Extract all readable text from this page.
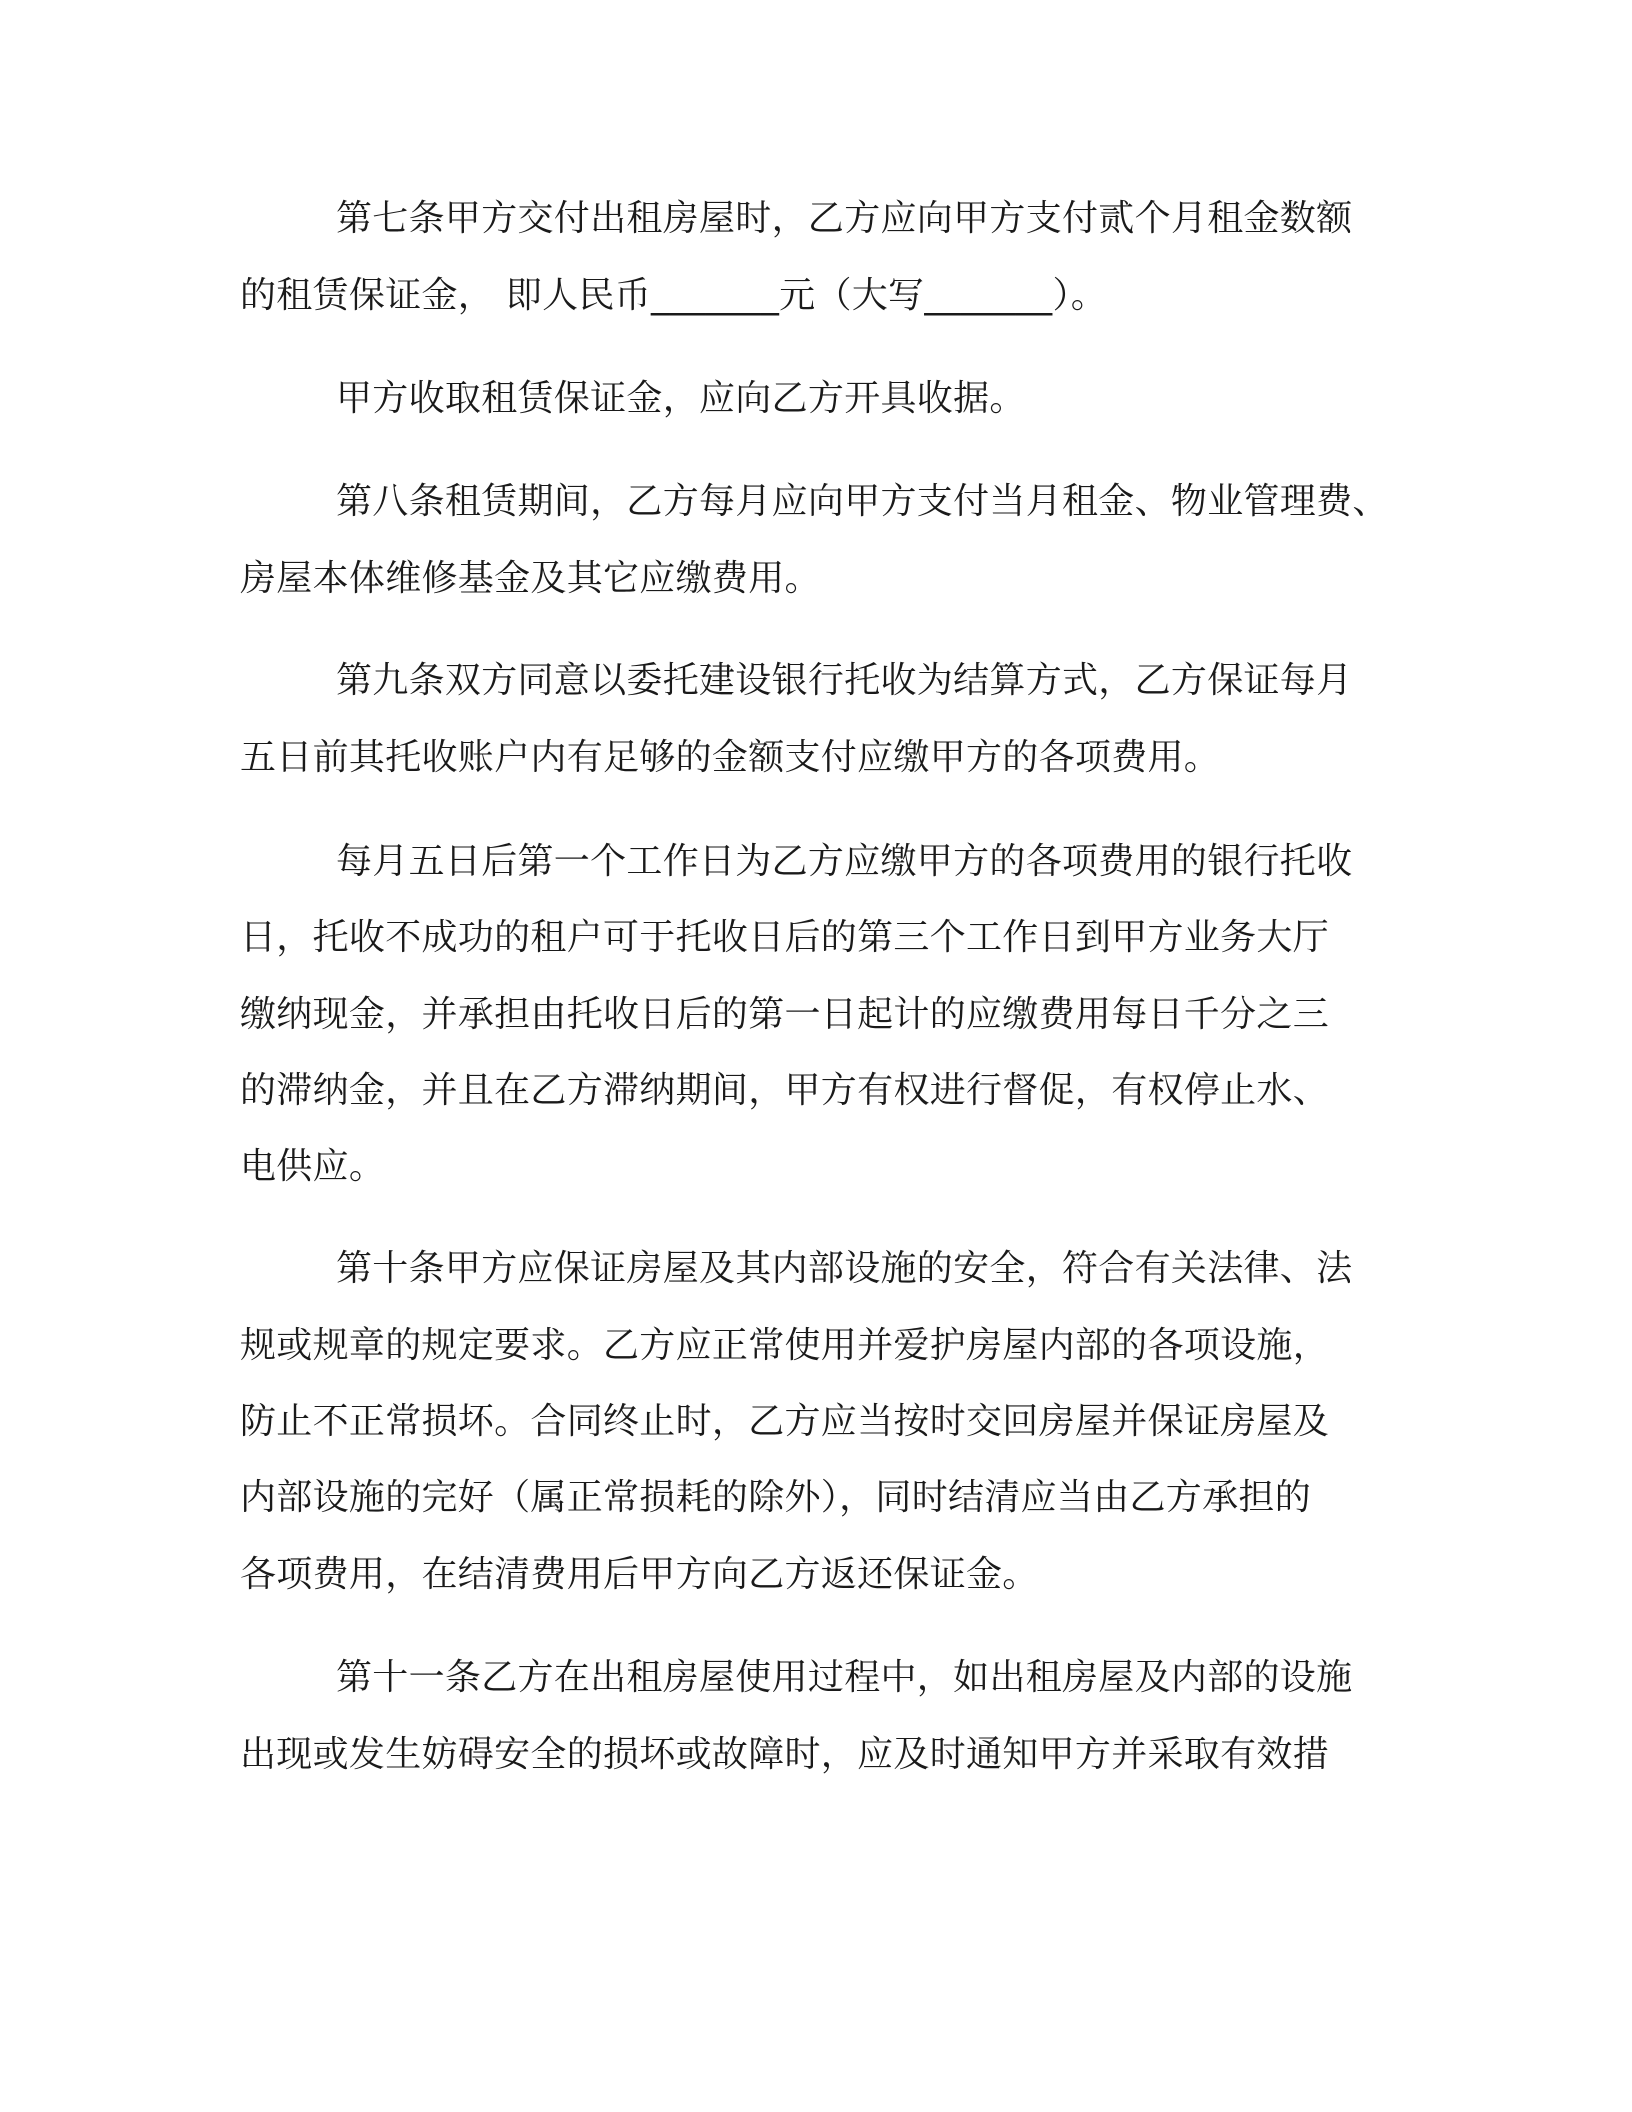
第七条甲方交付出租房屋时，乙方应向甲方支付贰个月租金数额

的租赁保证金， 即人民币_______元（大写_______）。

甲方收取租赁保证金，应向乙方开具收据。

第八条租赁期间，乙方每月应向甲方支付当月租金、物业管理费、

房屋本体维修基金及其它应缴费用。

第九条双方同意以委托建设银行托收为结算方式，乙方保证每月

五日前其托收账户内有足够的金额支付应缴甲方的各项费用。

每月五日后第一个工作日为乙方应缴甲方的各项费用的银行托收

日，托收不成功的租户可于托收日后的第三个工作日到甲方业务大厅

缴纳现金，并承担由托收日后的第一日起计的应缴费用每日千分之三

的滞纳金，并且在乙方滞纳期间，甲方有权进行督促，有权停止水、

电供应。

第十条甲方应保证房屋及其内部设施的安全，符合有关法律、法

规或规章的规定要求。乙方应正常使用并爱护房屋内部的各项设施，

防止不正常损坏。合同终止时，乙方应当按时交回房屋并保证房屋及

内部设施的完好（属正常损耗的除外），同时结清应当由乙方承担的

各项费用，在结清费用后甲方向乙方返还保证金。

第十一条乙方在出租房屋使用过程中，如出租房屋及内部的设施

出现或发生妨碍安全的损坏或故障时，应及时通知甲方并采取有效措
